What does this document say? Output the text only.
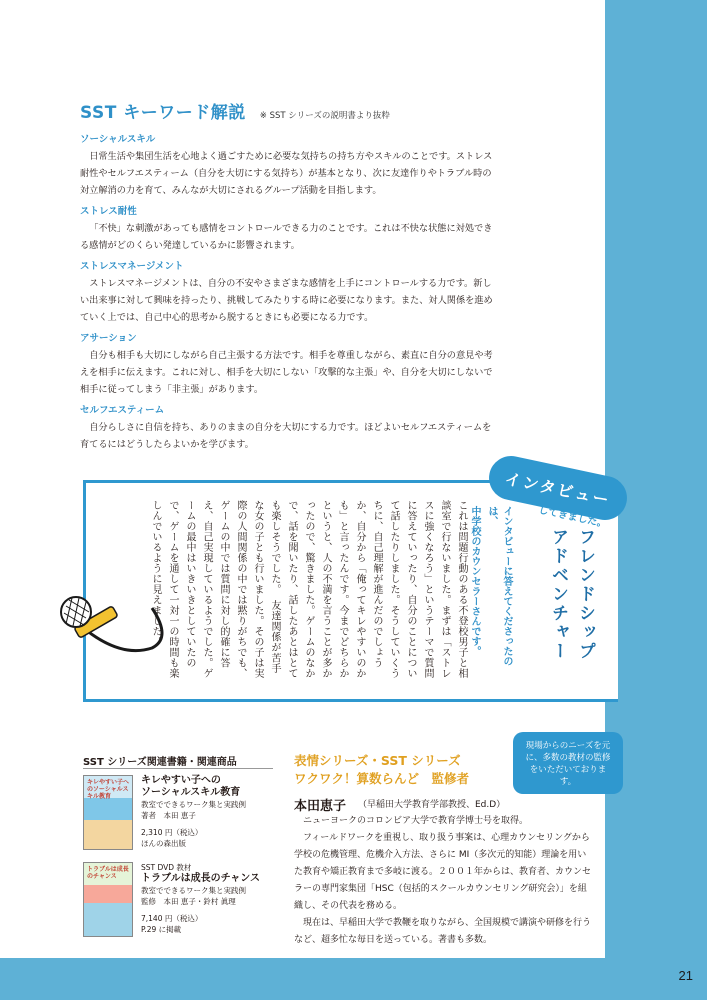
21
SST キーワード解説 ※ SST シリーズの説明書より抜粋
ソーシャルスキル
日常生活や集団生活を心地よく過ごすために必要な気持ちの持ち方やスキルのことです。ストレス耐性やセルフエスティーム（自分を大切にする気持ち）が基本となり、次に友達作りやトラブル時の対立解消の力を育て、みんなが大切にされるグループ活動を目指します。
ストレス耐性
「不快」な刺激があっても感情をコントロールできる力のことです。これは不快な状態に対処できる感情がどのくらい発達しているかに影響されます。
ストレスマネージメント
ストレスマネージメントは、自分の不安やさまざまな感情を上手にコントロールする力です。新しい出来事に対して興味を持ったり、挑戦してみたりする時に必要になります。また、対人関係を進めていく上では、自己中心的思考から脱するときにも必要になる力です。
アサーション
自分も相手も大切にしながら自己主張する方法です。相手を尊重しながら、素直に自分の意見や考えを相手に伝えます。これに対し、相手を大切にしない「攻撃的な主張」や、自分を大切にしないで相手に従ってしまう「非主張」があります。
セルフエスティーム
自分らしさに自信を持ち、ありのままの自分を大切にする力です。ほどよいセルフエスティームを育てるにはどうしたらよいかを学びます。
インタビュー
してきました。
フレンドシップ
アドベンチャー
インタビューに答えてくださったのは、
中学校のカウンセラーさんです。
これは問題行動のある不登校男子と相談室で行ないました。まずは「ストレスに強くなろう」というテーマで質問に答えていったり、自分のことについて話したりしました。そうしていくうちに、自己理解が進んだのでしょうか、自分から「俺ってキレやすいのかも」と言ったんです。今までどちらかというと、人の不満を言うことが多かったので、驚きました。ゲームのなかで、話を聞いたり、話したあとはとても楽しそうでした。　友達関係が苦手な女の子とも行いました。その子は実際の人間関係の中では黙りがちでも、ゲームの中では質問に対し的確に答え、自己実現しているようでした。ゲームの最中はいきいきとしていたので、ゲームを通して一対一の時間も楽しんでいるように見えました。
SST シリーズ関連書籍・関連商品
キレやすい子へのソーシャルスキル教育
キレやすい子への
ソーシャルスキル教育
教室でできるワーク集と実践例
著者　本田 恵子
2,310 円（税込）
ほんの森出版
トラブルは成長のチャンス
SST DVD 教材
トラブルは成長のチャンス
教室でできるワーク集と実践例
監修　本田 恵子・鈴村 眞理
7,140 円（税込）
P.29 に掲載
表情シリーズ・SST シリーズ
ワクワク！算数らんど　監修者
現場からのニーズを元に、多数の教材の監修をいただいております。
本田恵子 （早稲田大学教育学部教授、Ed.D）

ニューヨークのコロンビア大学で教育学博士号を取得。

フィールドワークを重視し、取り扱う事案は、心理カウンセリングから学校の危機管理、危機介入方法、さらに MI（多次元的知能）理論を用いた教育や矯正教育まで多岐に渡る。２００１年からは、教育者、カウンセラーの専門家集団「HSC（包括的スクールカウンセリング研究会）」を組織し、その代表を務める。

現在は、早稲田大学で教鞭を取りながら、全国規模で講演や研修を行うなど、超多忙な毎日を送っている。著書も多数。
